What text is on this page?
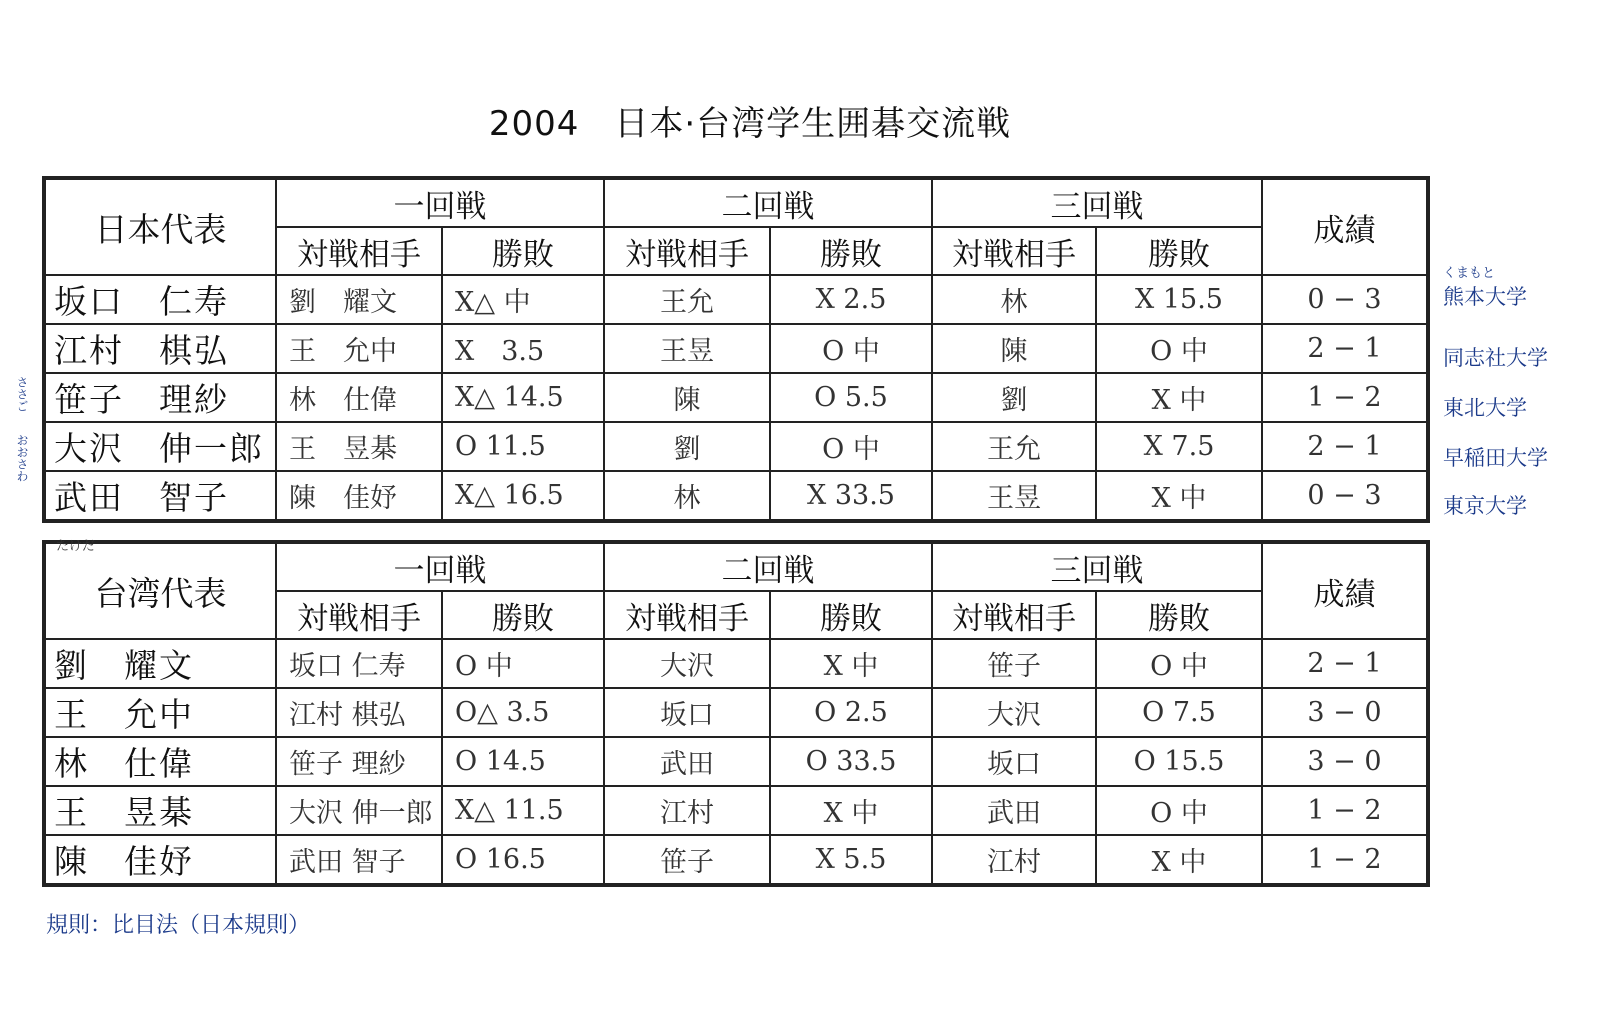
2004　日本·台湾学生囲碁交流戦
日本代表	一回戦		二回戦		三回戦		成績
	対戦相手	勝敗	対戦相手	勝敗	対戦相手	勝敗	
坂口　仁寿	劉　耀文	X△ 中	王允	X 2.5	林	X 15.5	0 − 3
江村　棋弘	王　允中	X　3.5	王昱	O 中	陳	O 中	2 − 1
笹子　理紗	林　仕偉	X△ 14.5	陳	O 5.5	劉	X 中	1 − 2
大沢　伸一郎	王　昱棊	O 11.5	劉	O 中	王允	X 7.5	2 − 1
武田　智子	陳　佳妤	X△ 16.5	林	X 33.5	王昱	X 中	0 − 3
台湾代表	一回戦		二回戦		三回戦		成績
	対戦相手	勝敗	対戦相手	勝敗	対戦相手	勝敗	
劉　耀文	坂口 仁寿	O 中	大沢	X 中	笹子	O 中	2 − 1
王　允中	江村 棋弘	O△ 3.5	坂口	O 2.5	大沢	O 7.5	3 − 0
林　仕偉	笹子 理紗	O 14.5	武田	O 33.5	坂口	O 15.5	3 − 0
王　昱棊	大沢 伸一郎	X△ 11.5	江村	X 中	武田	O 中	1 − 2
陳　佳妤	武田 智子	O 16.5	笹子	X 5.5	江村	X 中	1 − 2
くまもと
熊本大学
同志社大学
東北大学
早稲田大学
東京大学
ささご
おおさわ
たけだ
規則：比目法（日本規則）
